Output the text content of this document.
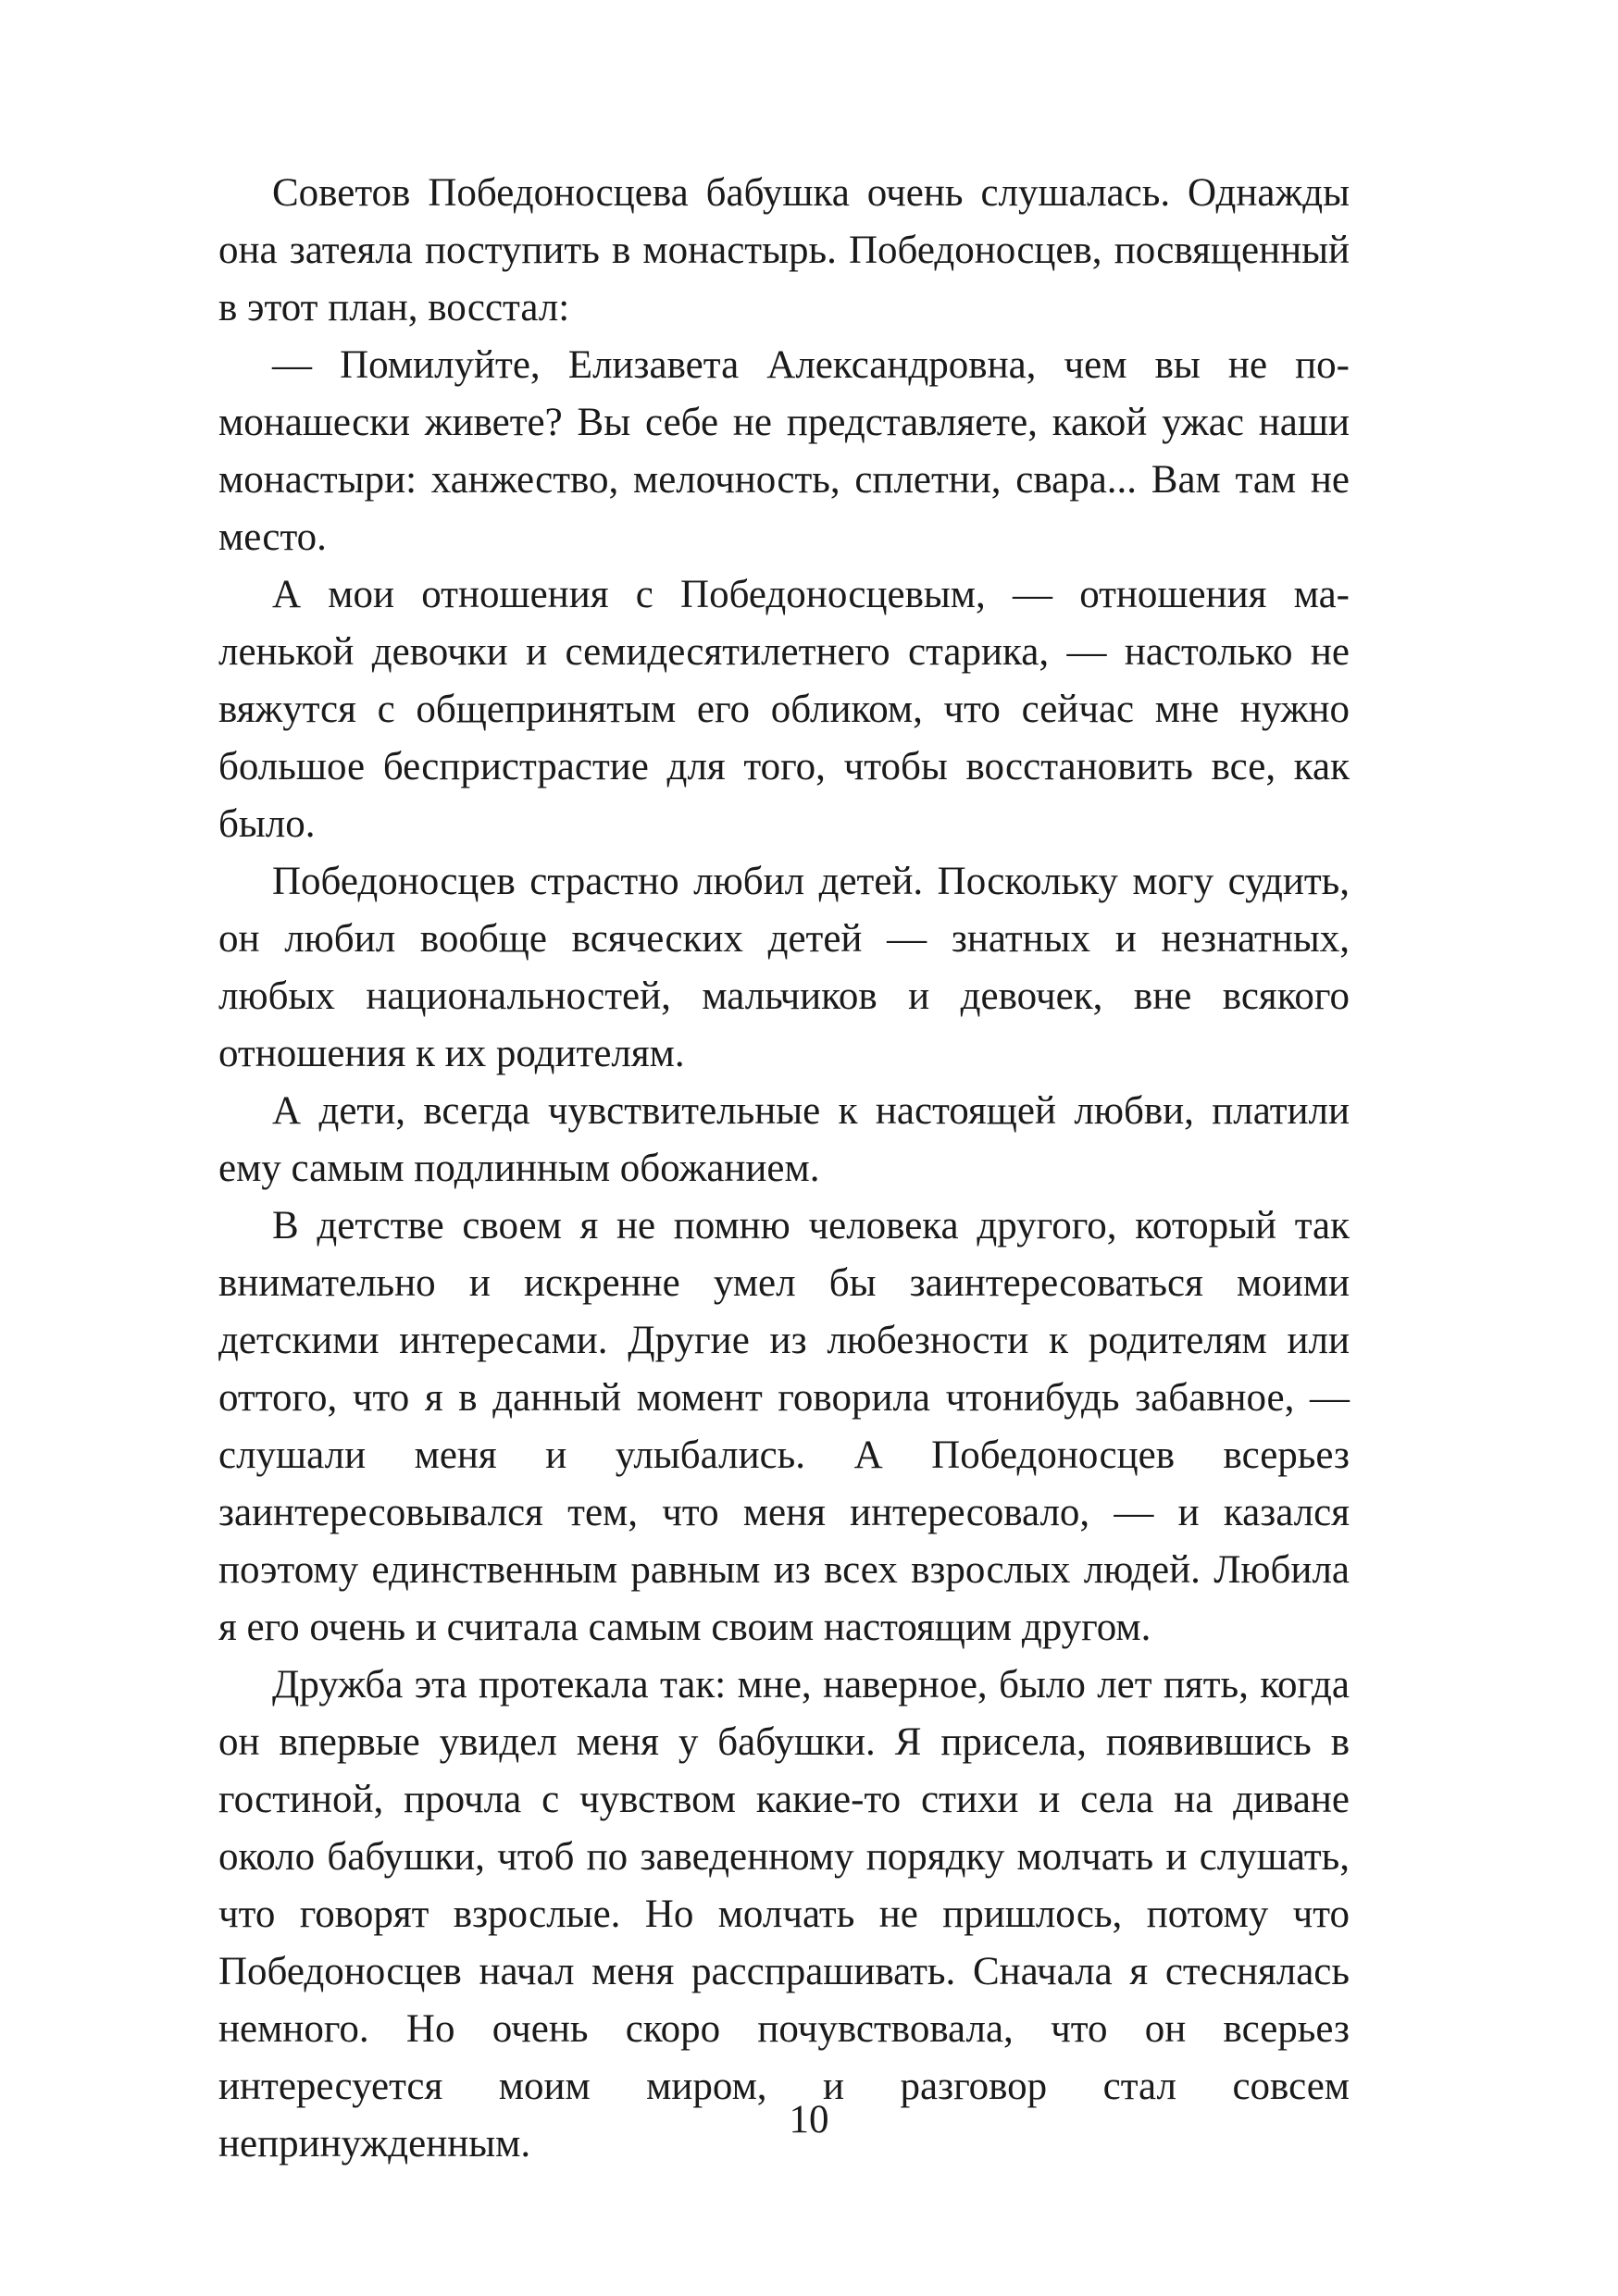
Советов Победоносцева бабушка очень слушалась. Однажды она затеяла поступить в монастырь. Победоносцев, посвященный в этот план, восстал:

— Помилуйте, Елизавета Александровна, чем вы не помонашески живете? Вы себе не представляете, какой ужас наши монастыри: ханжество, мелочность, сплетни, свара... Вам там не место.

А мои отношения с Победоносцевым, — отношения маленькой девочки и семидесятилетнего старика, — настолько не вяжутся с общепринятым его обликом, что сейчас мне нужно большое беспристрастие для того, чтобы восстановить все, как было.

Победоносцев страстно любил детей. Поскольку могу судить, он любил вообще всяческих детей — знатных и незнатных, любых национальностей, мальчиков и девочек, вне всякого отношения к их родителям.

А дети, всегда чувствительные к настоящей любви, платили ему самым подлинным обожанием.

В детстве своем я не помню человека другого, который так внимательно и искренне умел бы заинтересоваться моими детскими интересами. Другие из любезности к родителям или оттого, что я в данный момент говорила чтонибудь забавное, — слушали меня и улыбались. А Победоносцев всерьез заинтересовывался тем, что меня интересовало, — и казался поэтому единственным равным из всех взрослых людей. Любила я его очень и считала самым своим настоящим другом.

Дружба эта протекала так: мне, наверное, было лет пять, когда он впервые увидел меня у бабушки. Я присела, появившись в гостиной, прочла с чувством какие-то стихи и села на диване около бабушки, чтоб по заведенному порядку молчать и слушать, что говорят взрослые. Но молчать не пришлось, потому что Победоносцев начал меня расспрашивать. Сначала я стеснялась немного. Но очень скоро почувствовала, что он всерьез интересуется моим миром, и разговор стал совсем непринужденным.

10
